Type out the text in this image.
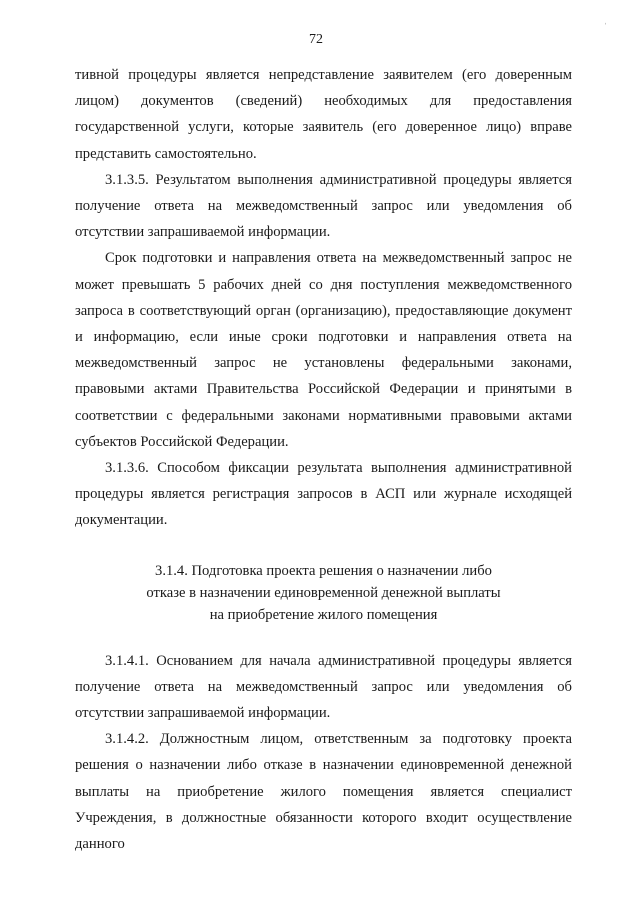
72

тивной процедуры является непредставление заявителем (его доверенным лицом) документов (сведений) необходимых для предоставления государственной услуги, которые заявитель (его доверенное лицо) вправе представить самостоятельно.

3.1.3.5. Результатом выполнения административной процедуры является получение ответа на межведомственный запрос или уведомления об отсутствии запрашиваемой информации.

Срок подготовки и направления ответа на межведомственный запрос не может превышать 5 рабочих дней со дня поступления межведомственного запроса в соответствующий орган (организацию), предоставляющие документ и информацию, если иные сроки подготовки и направления ответа на межведомственный запрос не установлены федеральными законами, правовыми актами Правительства Российской Федерации и принятыми в соответствии с федеральными законами нормативными правовыми актами субъектов Российской Федерации.

3.1.3.6. Способом фиксации результата выполнения административной процедуры является регистрация запросов в АСП или журнале исходящей документации.

3.1.4. Подготовка проекта решения о назначении либо
отказе в назначении единовременной денежной выплаты
на приобретение жилого помещения

3.1.4.1. Основанием для начала административной процедуры является получение ответа на межведомственный запрос или уведомления об отсутствии запрашиваемой информации.

3.1.4.2. Должностным лицом, ответственным за подготовку проекта решения о назначении либо отказе в назначении единовременной денежной выплаты на приобретение жилого помещения является специалист Учреждения, в должностные обязанности которого входит осуществление данного

ˈ
